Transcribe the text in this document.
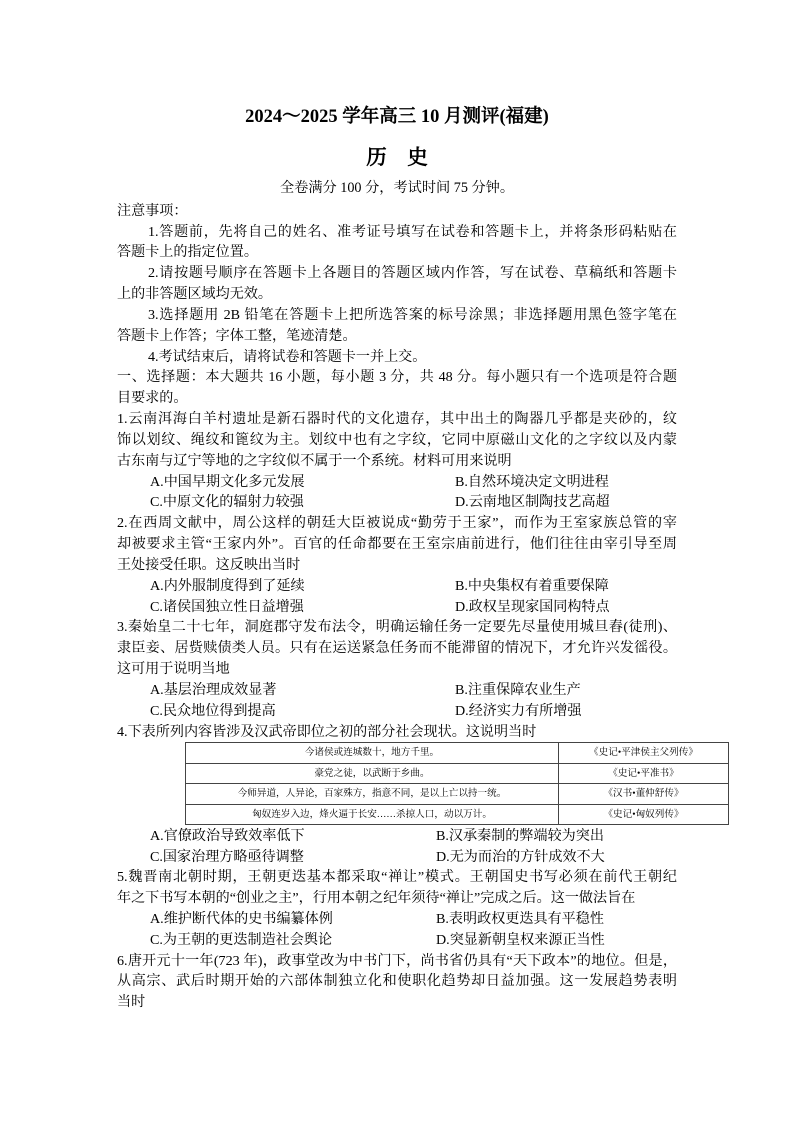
2024～2025 学年高三 10 月测评(福建)
历　史
全卷满分 100 分，考试时间 75 分钟。
注意事项：
1.答题前，先将自己的姓名、准考证号填写在试卷和答题卡上，并将条形码粘贴在
答题卡上的指定位置。
2.请按题号顺序在答题卡上各题目的答题区域内作答，写在试卷、草稿纸和答题卡
上的非答题区域均无效。
3.选择题用 2B 铅笔在答题卡上把所选答案的标号涂黑；非选择题用黑色签字笔在
答题卡上作答；字体工整，笔迹清楚。
4.考试结束后，请将试卷和答题卡一并上交。
一、选择题：本大题共 16 小题，每小题 3 分，共 48 分。每小题只有一个选项是符合题
目要求的。
1.云南洱海白羊村遗址是新石器时代的文化遗存，其中出土的陶器几乎都是夹砂的，纹
饰以划纹、绳纹和篦纹为主。划纹中也有之字纹，它同中原磁山文化的之字纹以及内蒙
古东南与辽宁等地的之字纹似不属于一个系统。材料可用来说明
A.中国早期文化多元发展	B.自然环境决定文明进程
C.中原文化的辐射力较强	D.云南地区制陶技艺高超
2.在西周文献中，周公这样的朝廷大臣被说成“勤劳于王家”，而作为王室家族总管的宰
却被要求主管“王家内外”。百官的任命都要在王室宗庙前进行，他们往往由宰引导至周
王处接受任职。这反映出当时
A.内外服制度得到了延续	B.中央集权有着重要保障
C.诸侯国独立性日益增强	D.政权呈现家国同构特点
3.秦始皇二十七年，洞庭郡守发布法令，明确运输任务一定要先尽量使用城旦舂(徒刑)、
隶臣妾、居赀赎债类人员。只有在运送紧急任务而不能滞留的情况下，才允许兴发徭役。
这可用于说明当地
A.基层治理成效显著	B.注重保障农业生产
C.民众地位得到提高	D.经济实力有所增强
4.下表所列内容皆涉及汉武帝即位之初的部分社会现状。这说明当时
今诸侯或连城数十，地方千里。	《史记•平津侯主父列传》
豪党之徒，以武断于乡曲。	《史记•平准书》
今师异道，人异论，百家殊方，指意不同，是以上亡以持一统。	《汉书•董仲舒传》
匈奴连岁入边，烽火逼于长安……杀掠人口，动以万计。	《史记•匈奴列传》
A.官僚政治导致效率低下	B.汉承秦制的弊端较为突出
C.国家治理方略亟待调整	D.无为而治的方针成效不大
5.魏晋南北朝时期，王朝更迭基本都采取“禅让”模式。王朝国史书写必须在前代王朝纪
年之下书写本朝的“创业之主”，行用本朝之纪年须待“禅让”完成之后。这一做法旨在
A.维护断代体的史书编纂体例	B.表明政权更迭具有平稳性
C.为王朝的更迭制造社会舆论	D.突显新朝皇权来源正当性
6.唐开元十一年(723 年)，政事堂改为中书门下，尚书省仍具有“天下政本”的地位。但是，
从高宗、武后时期开始的六部体制独立化和使职化趋势却日益加强。这一发展趋势表明
当时
